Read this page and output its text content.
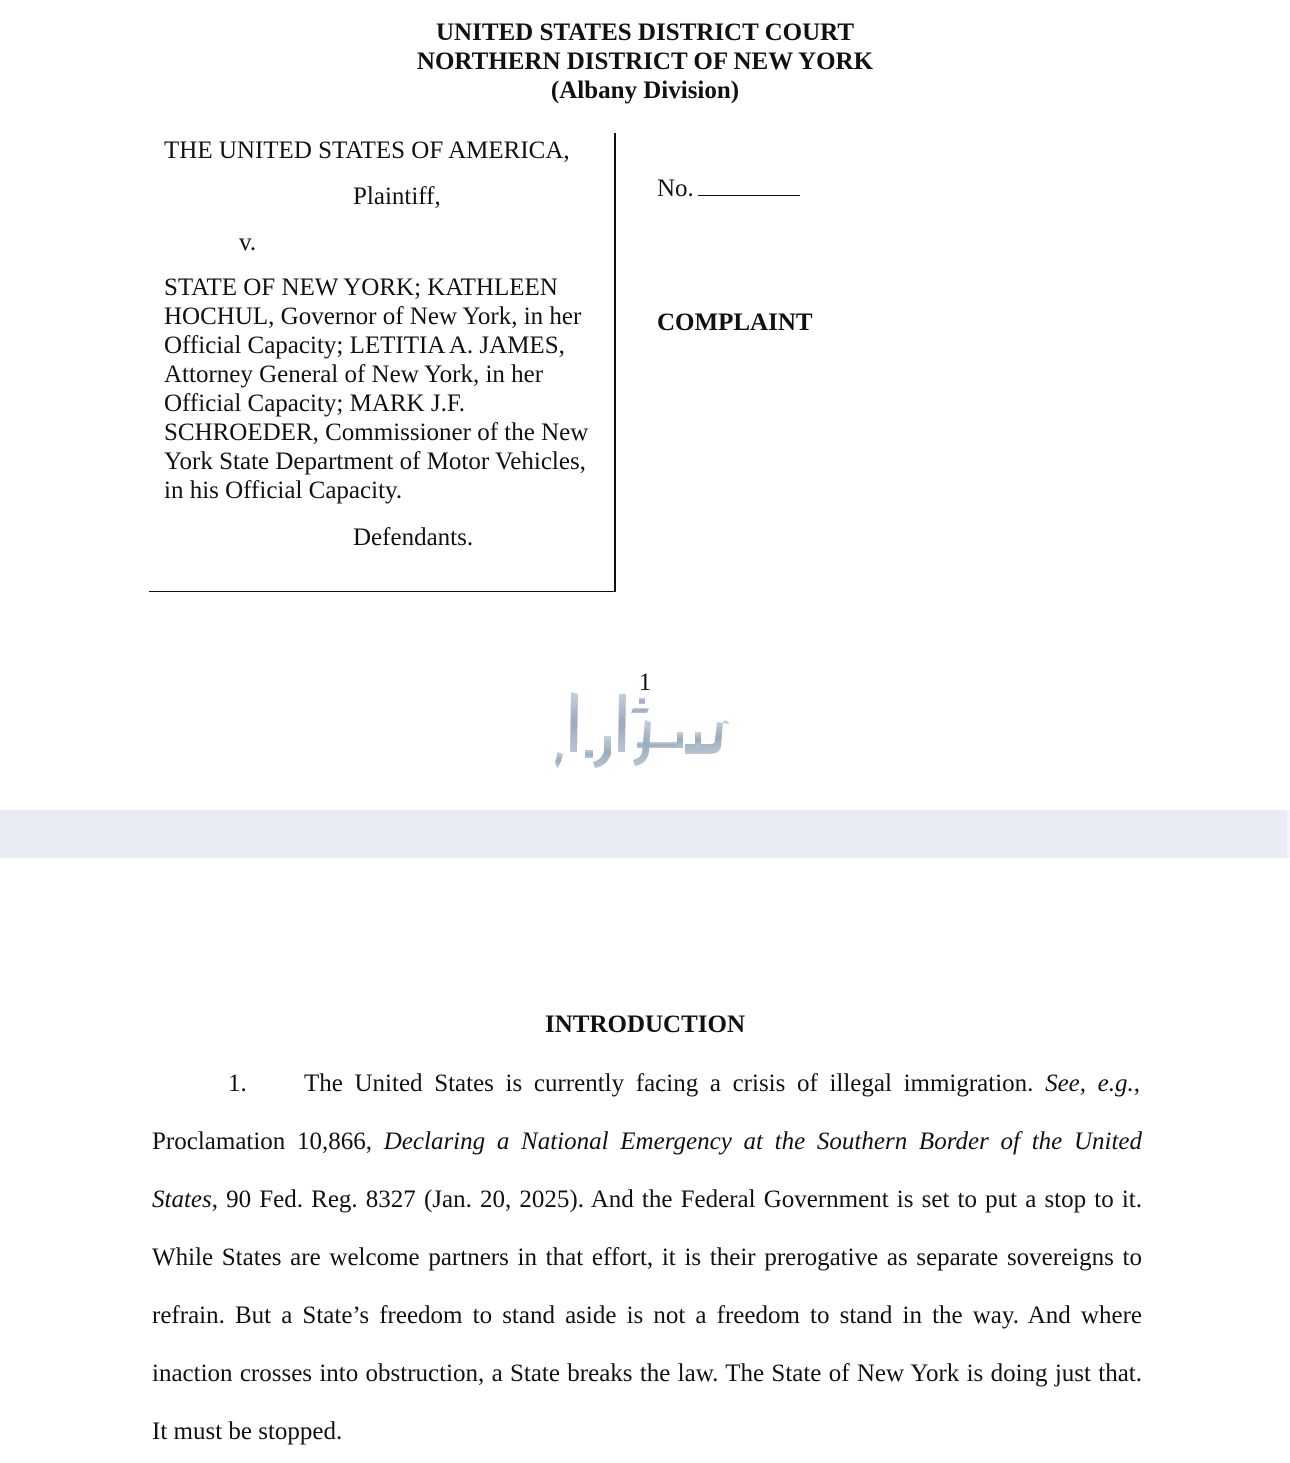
UNITED STATES DISTRICT COURT
NORTHERN DISTRICT OF NEW YORK
(Albany Division)
THE UNITED STATES OF AMERICA,
Plaintiff,
v.
STATE OF NEW YORK; KATHLEEN
HOCHUL, Governor of New York, in her
Official Capacity; LETITIA A. JAMES,
Attorney General of New York, in her
Official Capacity; MARK J.F.
SCHROEDER, Commissioner of the New
York State Department of Motor Vehicles,
in his Official Capacity.
Defendants.
No.
COMPLAINT
1
INTRODUCTION
1. The United States is currently facing a crisis of illegal immigration. See, e.g.,
Proclamation 10,866, Declaring a National Emergency at the Southern Border of the United
States, 90 Fed. Reg. 8327 (Jan. 20, 2025). And the Federal Government is set to put a stop to it.
While States are welcome partners in that effort, it is their prerogative as separate sovereigns to
refrain. But a State’s freedom to stand aside is not a freedom to stand in the way. And where
inaction crosses into obstruction, a State breaks the law. The State of New York is doing just that.
It must be stopped.
